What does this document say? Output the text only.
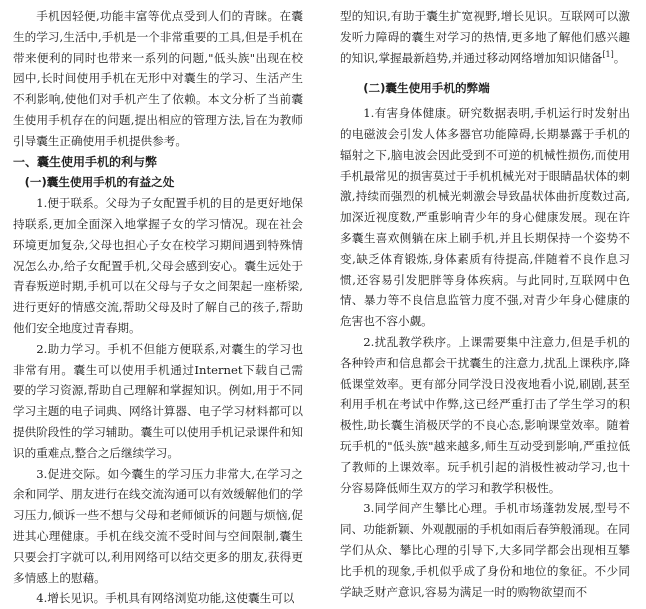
手机因轻便,功能丰富等优点受到人们的青睐。在囊生的学习,生活中,手机是一个非常重要的工具,但是手机在带来便利的同时也带来一系列的问题,"低头族"出现在校园中,长时间使用手机在无形中对囊生的学习、生活产生不利影响,使他们对手机产生了依赖。本文分析了当前囊生使用手机存在的问题,提出相应的管理方法,旨在为教师引导囊生正确使用手机提供参考。

一、囊生使用手机的利与弊
(一)囊生使用手机的有益之处

1.便于联系。父母为子女配置手机的目的是更好地保持联系,更加全面深入地掌握子女的学习情况。现在社会环境更加复杂,父母也担心子女在校学习期间遇到特殊情况怎么办,给子女配置手机,父母会感到安心。囊生远处于青春叛逆时期,手机可以在父母与子女之间架起一座桥梁,进行更好的情感交流,帮助父母及时了解自己的孩子,帮助他们安全地度过青春期。

2.助力学习。手机不但能方便联系,对囊生的学习也非常有用。囊生可以使用手机通过Internet下载自己需要的学习资源,帮助自己理解和掌握知识。例如,用于不同学习主题的电子词典、网络计算器、电子学习材料都可以提供阶段性的学习辅助。囊生可以使用手机记录课件和知识的重难点,整合之后继续学习。

3.促进交际。如今囊生的学习压力非常大,在学习之余和同学、朋友进行在线交流沟通可以有效缓解他们的学习压力,倾诉一些不想与父母和老师倾诉的问题与烦恼,促进其心理健康。手机在线交流不受时间与空间限制,囊生只要会打字就可以,利用网络可以结交更多的朋友,获得更多情感上的慰藉。

4.增长见识。手机具有网络浏览功能,这使囊生可以

型的知识,有助于囊生扩宽视野,增长见识。互联网可以激发听力障碍的囊生对学习的热情,更多地了解他们感兴趣的知识,掌握最新趋势,并通过移动网络增加知识储备[1]。

(二)囊生使用手机的弊端

1.有害身体健康。研究数据表明,手机运行时发射出的电磁波会引发人体多器官功能障碍,长期暴露于手机的辐射之下,脑电波会因此受到不可逆的机械性损伤,而使用手机最常见的损害莫过于手机机械光对于眼睛晶状体的刺激,持续而强烈的机械光刺激会导致晶状体曲折度数过高,加深近视度数,严重影响青少年的身心健康发展。现在许多囊生喜欢侧躺在床上刷手机,并且长期保持一个姿势不变,缺乏体育锻炼,身体素质有待提高,伴随着不良作息习惯,还容易引发肥胖等身体疾病。与此同时,互联网中色情、暴力等不良信息监管力度不强,对青少年身心健康的危害也不容小觑。

2.扰乱教学秩序。上课需要集中注意力,但是手机的各种铃声和信息都会干扰囊生的注意力,扰乱上课秩序,降低课堂效率。更有部分同学没日没夜地看小说,刷剧,甚至利用手机在考试中作弊,这已经严重打击了学生学习的积极性,助长囊生消极厌学的不良心态,影响课堂效率。随着玩手机的"低头族"越来越多,师生互动受到影响,严重拉低了教师的上课效率。玩手机引起的消极性被动学习,也十分容易降低师生双方的学习和教学积极性。

3.同学间产生攀比心理。手机市场蓬勃发展,型号不同、功能新颖、外观靓丽的手机如雨后春笋般涌现。在同学们从众、攀比心理的引导下,大多同学都会出现相互攀比手机的现象,手机似乎成了身份和地位的象征。不少同学缺乏财产意识,容易为满足一时的购物欲望而不
